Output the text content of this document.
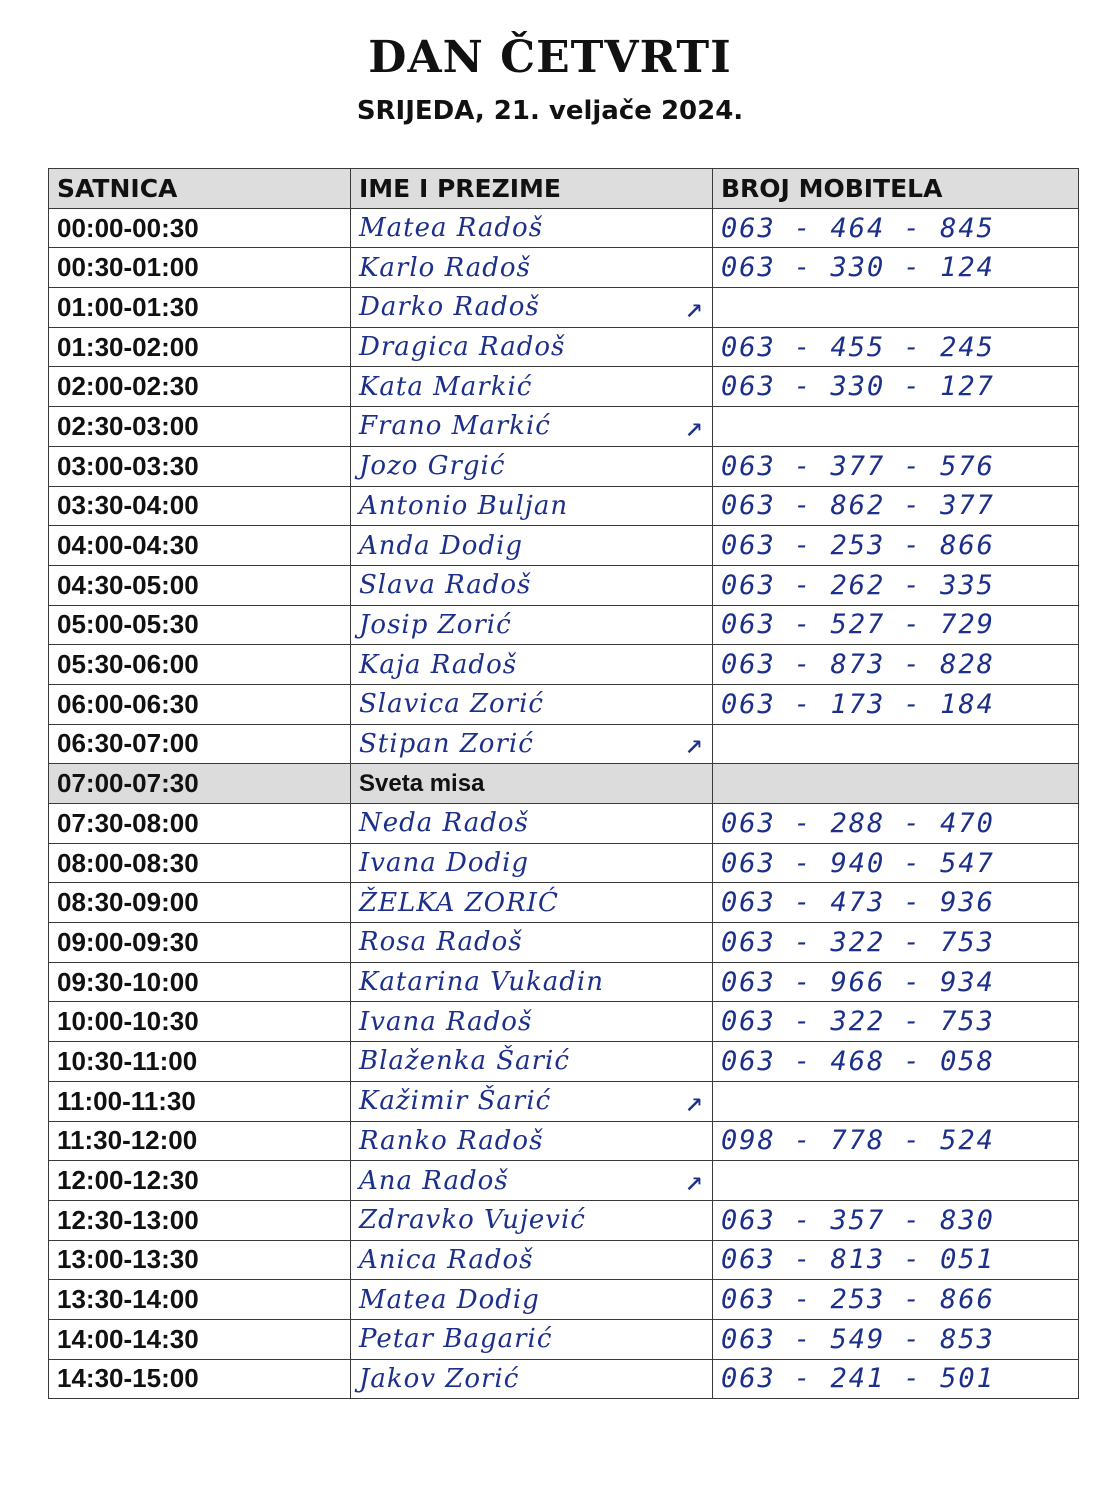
DAN ČETVRTI
SRIJEDA, 21. veljače 2024.
SATNICA	IME I PREZIME	BROJ MOBITELA
00:00-00:30	Matea Radoš	063 - 464 - 845
00:30-01:00	Karlo Radoš	063 - 330 - 124
01:00-01:30	Darko Radoš	↗
01:30-02:00	Dragica Radoš	063 - 455 - 245
02:00-02:30	Kata Markić	063 - 330 - 127
02:30-03:00	Frano Markić	↗
03:00-03:30	Jozo Grgić	063 - 377 - 576
03:30-04:00	Antonio Buljan	063 - 862 - 377
04:00-04:30	Anda Dodig	063 - 253 - 866
04:30-05:00	Slava Radoš	063 - 262 - 335
05:00-05:30	Josip Zorić	063 - 527 - 729
05:30-06:00	Kaja Radoš	063 - 873 - 828
06:00-06:30	Slavica Zorić	063 - 173 - 184
06:30-07:00	Stipan Zorić	↗
07:00-07:30	Sveta misa	
07:30-08:00	Neda Radoš	063 - 288 - 470
08:00-08:30	Ivana Dodig	063 - 940 - 547
08:30-09:00	ŽELKA ZORIĆ	063 - 473 - 936
09:00-09:30	Rosa Radoš	063 - 322 - 753
09:30-10:00	Katarina Vukadin	063 - 966 - 934
10:00-10:30	Ivana Radoš	063 - 322 - 753
10:30-11:00	Blaženka Šarić	063 - 468 - 058
11:00-11:30	Kažimir Šarić	↗
11:30-12:00	Ranko Radoš	098 - 778 - 524
12:00-12:30	Ana Radoš	↗
12:30-13:00	Zdravko Vujević	063 - 357 - 830
13:00-13:30	Anica Radoš	063 - 813 - 051
13:30-14:00	Matea Dodig	063 - 253 - 866
14:00-14:30	Petar Bagarić	063 - 549 - 853
14:30-15:00	Jakov Zorić	063 - 241 - 501
